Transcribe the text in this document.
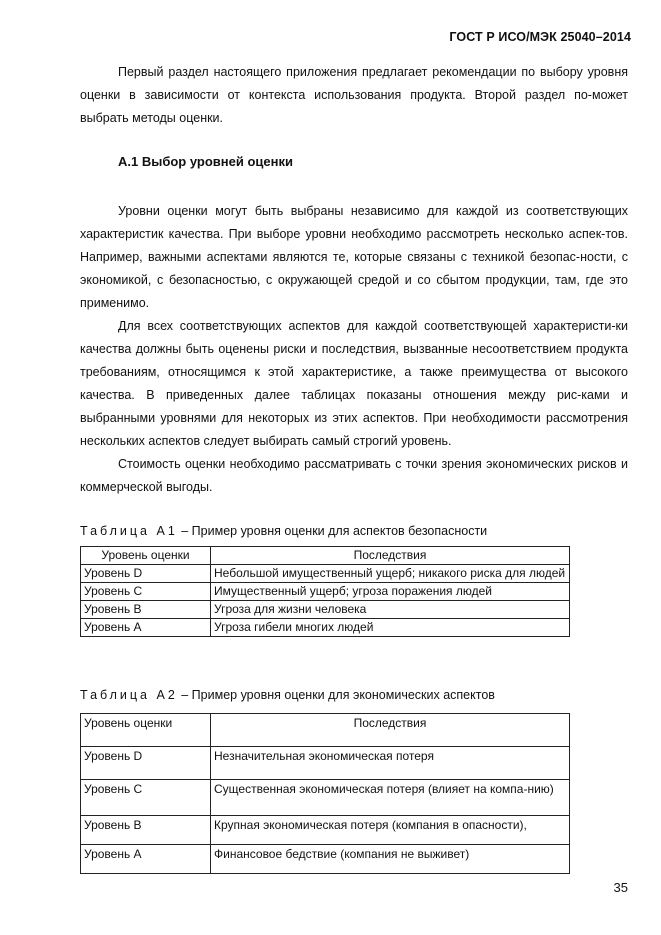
ГОСТ Р ИСО/МЭК 25040–2014

Первый раздел настоящего приложения предлагает рекомендации по выбору уровня оценки в зависимости от контекста использования продукта. Второй раздел по-может выбрать методы оценки.

А.1 Выбор уровней оценки

Уровни оценки могут быть выбраны независимо для каждой из соответствующих характеристик качества. При выборе уровни необходимо рассмотреть несколько аспек-тов. Например, важными аспектами являются те, которые связаны с техникой безопас-ности, с экономикой, с безопасностью, с окружающей средой и со сбытом продукции, там, где это применимо.

Для всех соответствующих аспектов для каждой соответствующей характеристи-ки качества должны быть оценены риски и последствия, вызванные несоответствием продукта требованиям, относящимся к этой характеристике, а также преимущества от высокого качества. В приведенных далее таблицах показаны отношения между рис-ками и выбранными уровнями для некоторых из этих аспектов. При необходимости рассмотрения нескольких аспектов следует выбирать самый строгий уровень.

Стоимость оценки необходимо рассматривать с точки зрения экономических рисков и коммерческой выгоды.

Таблица А1 – Пример уровня оценки для аспектов безопасности
Уровень оценки	Последствия
Уровень D	Небольшой имущественный ущерб; никакого риска для людей
Уровень С	Имущественный ущерб; угроза поражения людей
Уровень В	Угроза для жизни человека
Уровень А	Угроза гибели многих людей
Таблица А2 – Пример уровня оценки для экономических аспектов
Уровень оценки	Последствия
Уровень D	Незначительная экономическая потеря
Уровень С	Существенная экономическая потеря (влияет на компа-нию)
Уровень В	Крупная экономическая потеря (компания в опасности),
Уровень А	Финансовое бедствие (компания не выживет)
35
